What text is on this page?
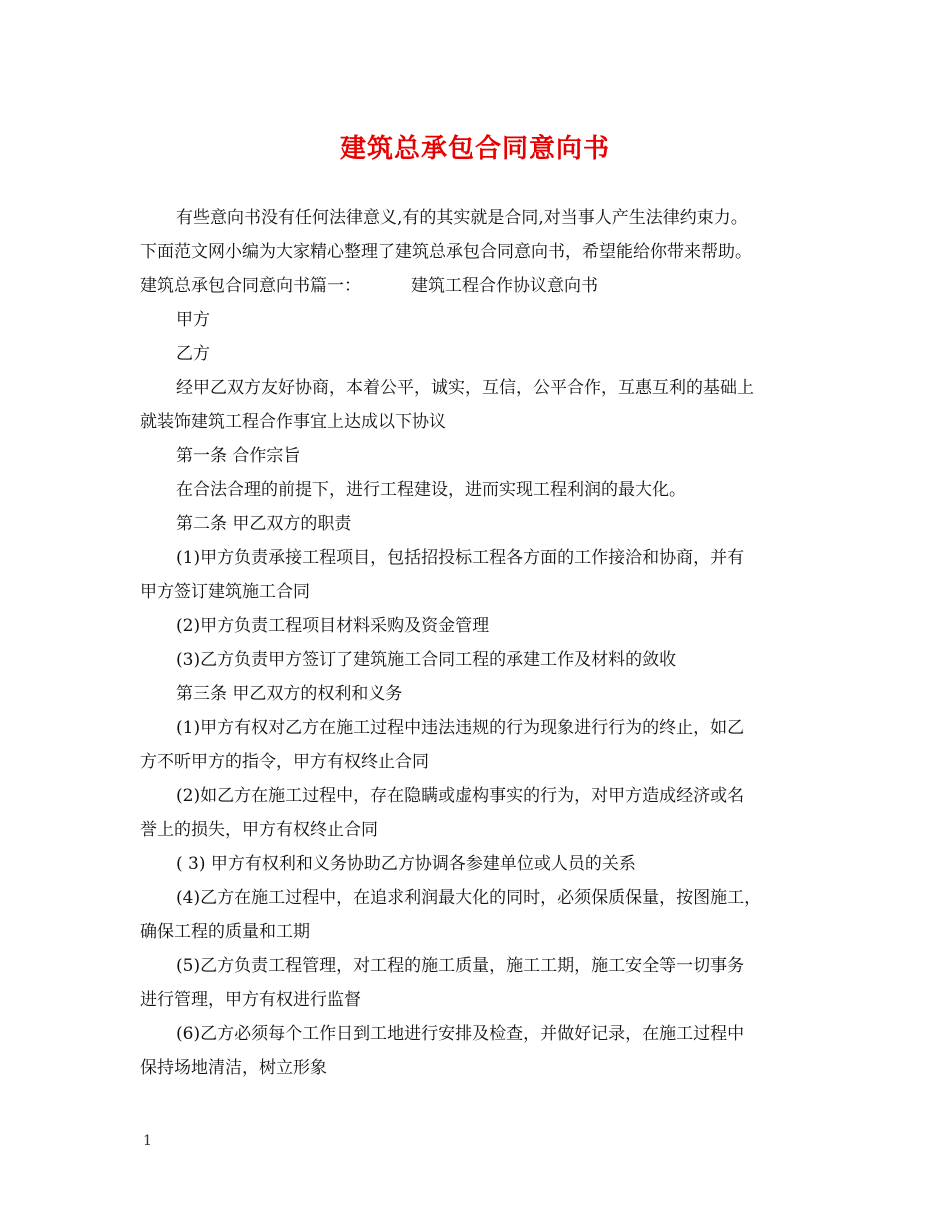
建筑总承包合同意向书
有些意向书没有任何法律意义,有的其实就是合同,对当事人产生法律约束力。
下面范文网小编为大家精心整理了建筑总承包合同意向书，希望能给你带来帮助。
建筑总承包合同意向书篇一：	建筑工程合作协议意向书
甲方
乙方
经甲乙双方友好协商，本着公平，诚实，互信，公平合作，互惠互利的基础上
就装饰建筑工程合作事宜上达成以下协议
第一条 合作宗旨
在合法合理的前提下，进行工程建设，进而实现工程利润的最大化。
第二条 甲乙双方的职责
(1)甲方负责承接工程项目，包括招投标工程各方面的工作接洽和协商，并有
甲方签订建筑施工合同
(2)甲方负责工程项目材料采购及资金管理
(3)乙方负责甲方签订了建筑施工合同工程的承建工作及材料的敛收
第三条 甲乙双方的权利和义务
(1)甲方有权对乙方在施工过程中违法违规的行为现象进行行为的终止，如乙
方不听甲方的指令，甲方有权终止合同
(2)如乙方在施工过程中，存在隐瞒或虚构事实的行为，对甲方造成经济或名
誉上的损失，甲方有权终止合同
( 3) 甲方有权利和义务协助乙方协调各参建单位或人员的关系
(4)乙方在施工过程中，在追求利润最大化的同时，必须保质保量，按图施工，
确保工程的质量和工期
(5)乙方负责工程管理，对工程的施工质量，施工工期，施工安全等一切事务
进行管理，甲方有权进行监督
(6)乙方必须每个工作日到工地进行安排及检查，并做好记录，在施工过程中
保持场地清洁，树立形象
1
